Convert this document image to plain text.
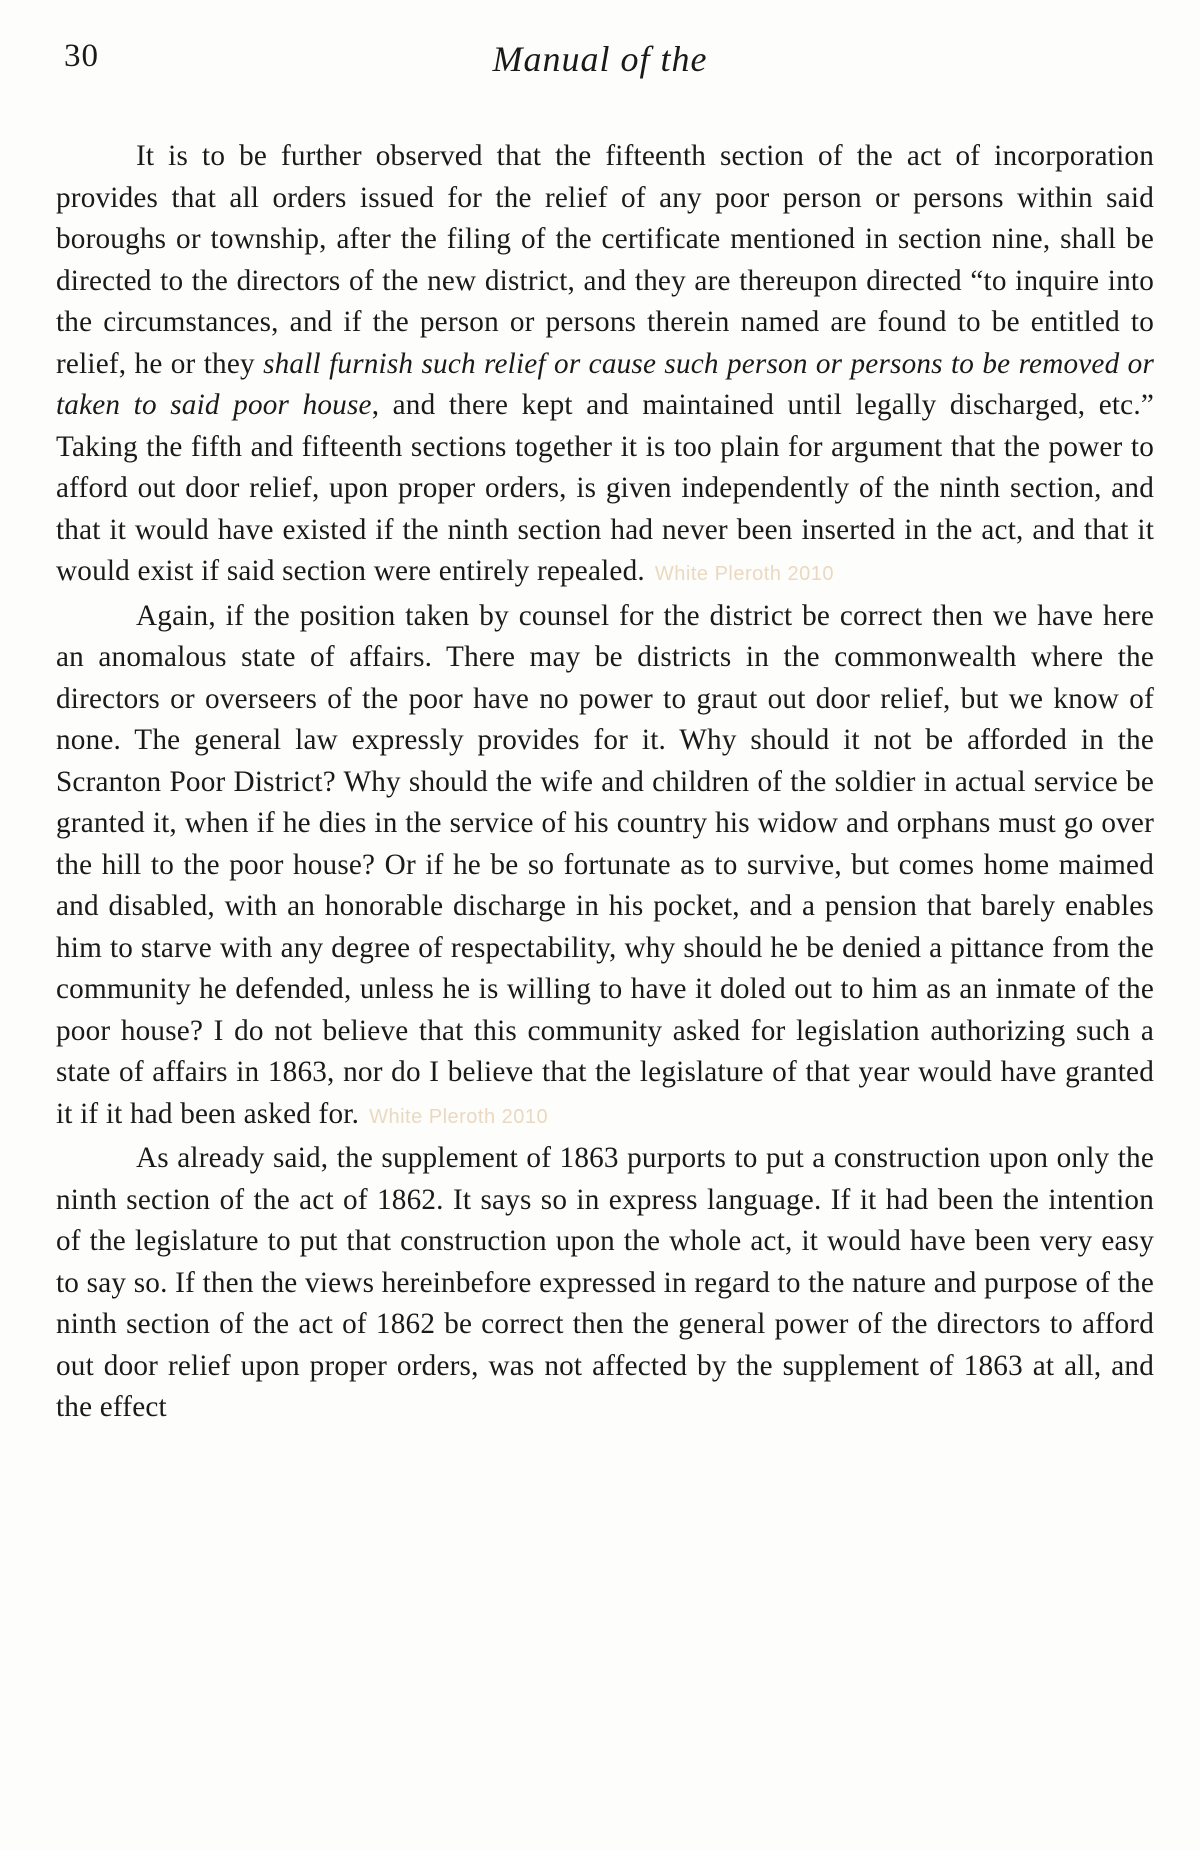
30	Manual of the

It is to be further observed that the fifteenth section of the act of incorporation provides that all orders issued for the relief of any poor person or persons within said boroughs or township, after the filing of the certificate mentioned in section nine, shall be directed to the directors of the new district, and they are thereupon directed “to inquire into the circumstances, and if the person or persons therein named are found to be entitled to relief, he or they shall furnish such relief or cause such person or persons to be removed or taken to said poor house, and there kept and maintained until legally discharged, etc.” Taking the fifth and fifteenth sections together it is too plain for argument that the power to afford out door relief, upon proper orders, is given independently of the ninth section, and that it would have existed if the ninth section had never been inserted in the act, and that it would exist if said section were entirely repealed. White Pleroth 2010

Again, if the position taken by counsel for the district be correct then we have here an anomalous state of affairs. There may be districts in the commonwealth where the directors or overseers of the poor have no power to graut out door relief, but we know of none. The general law expressly provides for it. Why should it not be afforded in the Scranton Poor District? Why should the wife and children of the soldier in actual service be granted it, when if he dies in the service of his country his widow and orphans must go over the hill to the poor house? Or if he be so fortunate as to survive, but comes home maimed and disabled, with an honorable discharge in his pocket, and a pension that barely enables him to starve with any degree of respectability, why should he be denied a pittance from the community he defended, unless he is willing to have it doled out to him as an inmate of the poor house? I do not believe that this community asked for legislation authorizing such a state of affairs in 1863, nor do I believe that the legislature of that year would have granted it if it had been asked for. White Pleroth 2010

As already said, the supplement of 1863 purports to put a construction upon only the ninth section of the act of 1862. It says so in express language. If it had been the intention of the legislature to put that construction upon the whole act, it would have been very easy to say so. If then the views hereinbefore expressed in regard to the nature and purpose of the ninth section of the act of 1862 be correct then the general power of the directors to afford out door relief upon proper orders, was not affected by the supplement of 1863 at all, and the effect
